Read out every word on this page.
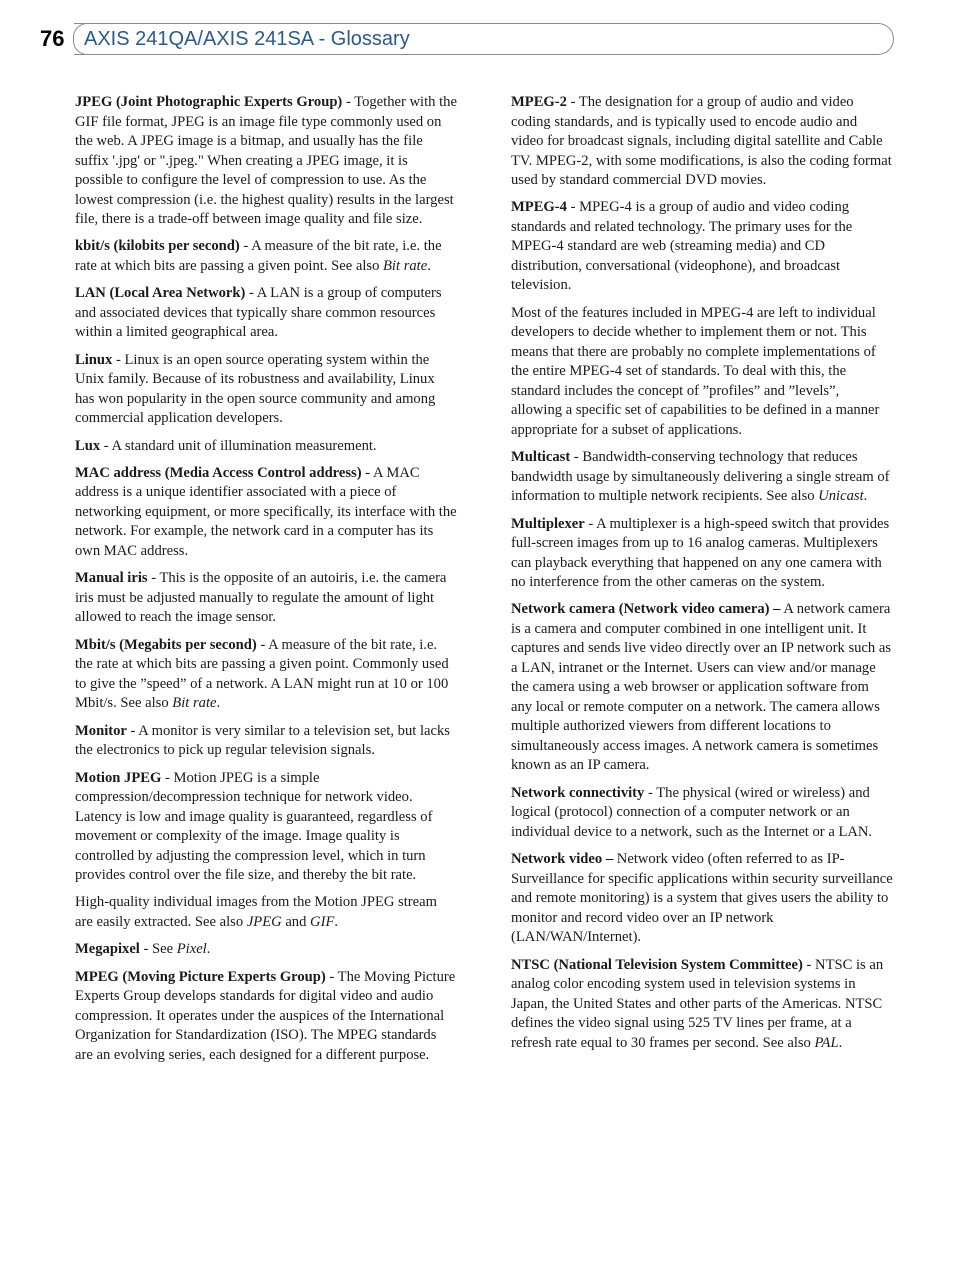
76 AXIS 241QA/AXIS 241SA - Glossary

JPEG (Joint Photographic Experts Group) - Together with the GIF file format, JPEG is an image file type commonly used on the web. A JPEG image is a bitmap, and usually has the file suffix '.jpg' or ".jpeg." When creating a JPEG image, it is possible to configure the level of compression to use. As the lowest compression (i.e. the highest quality) results in the largest file, there is a trade-off between image quality and file size.

kbit/s (kilobits per second) - A measure of the bit rate, i.e. the rate at which bits are passing a given point. See also Bit rate.

LAN (Local Area Network) - A LAN is a group of computers and associated devices that typically share common resources within a limited geographical area.

Linux - Linux is an open source operating system within the Unix family. Because of its robustness and availability, Linux has won popularity in the open source community and among commercial application developers.

Lux - A standard unit of illumination measurement.

MAC address (Media Access Control address) - A MAC address is a unique identifier associated with a piece of networking equipment, or more specifically, its interface with the network. For example, the network card in a computer has its own MAC address.

Manual iris - This is the opposite of an autoiris, i.e. the camera iris must be adjusted manually to regulate the amount of light allowed to reach the image sensor.

Mbit/s (Megabits per second) - A measure of the bit rate, i.e. the rate at which bits are passing a given point. Commonly used to give the ”speed” of a network. A LAN might run at 10 or 100 Mbit/s. See also Bit rate.

Monitor - A monitor is very similar to a television set, but lacks the electronics to pick up regular television signals.

Motion JPEG - Motion JPEG is a simple compression/decompression technique for network video. Latency is low and image quality is guaranteed, regardless of movement or complexity of the image. Image quality is controlled by adjusting the compression level, which in turn provides control over the file size, and thereby the bit rate.

High-quality individual images from the Motion JPEG stream are easily extracted. See also JPEG and GIF.

Megapixel - See Pixel.

MPEG (Moving Picture Experts Group) - The Moving Picture Experts Group develops standards for digital video and audio compression. It operates under the auspices of the International Organization for Standardization (ISO). The MPEG standards are an evolving series, each designed for a different purpose.

MPEG-2 - The designation for a group of audio and video coding standards, and is typically used to encode audio and video for broadcast signals, including digital satellite and Cable TV. MPEG-2, with some modifications, is also the coding format used by standard commercial DVD movies.

MPEG-4 - MPEG-4 is a group of audio and video coding standards and related technology. The primary uses for the MPEG-4 standard are web (streaming media) and CD distribution, conversational (videophone), and broadcast television.

Most of the features included in MPEG-4 are left to individual developers to decide whether to implement them or not. This means that there are probably no complete implementations of the entire MPEG-4 set of standards. To deal with this, the standard includes the concept of ”profiles” and ”levels”, allowing a specific set of capabilities to be defined in a manner appropriate for a subset of applications.

Multicast - Bandwidth-conserving technology that reduces bandwidth usage by simultaneously delivering a single stream of information to multiple network recipients. See also Unicast.

Multiplexer - A multiplexer is a high-speed switch that provides full-screen images from up to 16 analog cameras. Multiplexers can playback everything that happened on any one camera with no interference from the other cameras on the system.

Network camera (Network video camera) – A network camera is a camera and computer combined in one intelligent unit. It captures and sends live video directly over an IP network such as a LAN, intranet or the Internet. Users can view and/or manage the camera using a web browser or application software from any local or remote computer on a network. The camera allows multiple authorized viewers from different locations to simultaneously access images. A network camera is sometimes known as an IP camera.

Network connectivity - The physical (wired or wireless) and logical (protocol) connection of a computer network or an individual device to a network, such as the Internet or a LAN.

Network video – Network video (often referred to as IP-Surveillance for specific applications within security surveillance and remote monitoring) is a system that gives users the ability to monitor and record video over an IP network (LAN/WAN/Internet).

NTSC (National Television System Committee) - NTSC is an analog color encoding system used in television systems in Japan, the United States and other parts of the Americas. NTSC defines the video signal using 525 TV lines per frame, at a refresh rate equal to 30 frames per second. See also PAL.
